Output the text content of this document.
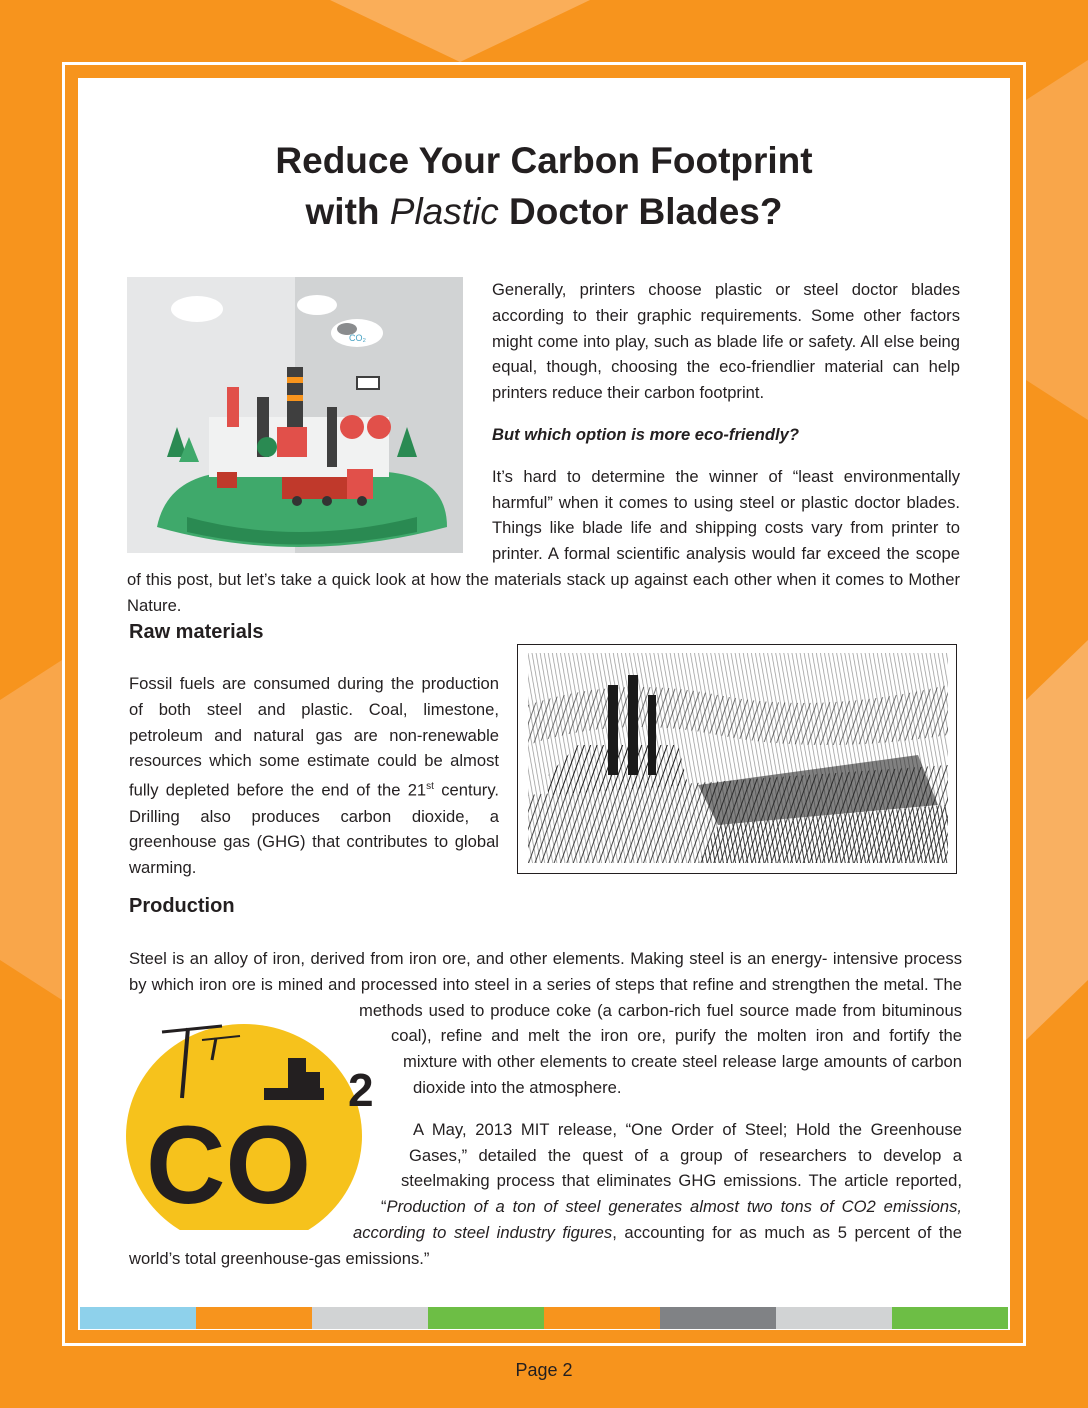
Reduce Your Carbon Footprint
with Plastic Doctor Blades?
CO₂

Generally, printers choose plastic or steel doctor blades according to their graphic requirements. Some other factors might come into play, such as blade life or safety. All else being equal, though, choosing the eco-friendlier material can help printers reduce their carbon footprint.

But which option is more eco-friendly?

It’s hard to determine the winner of “least environmentally harmful” when it comes to using steel or plastic doctor blades. Things like blade life and shipping costs vary from printer to printer. A formal scientific analysis would far exceed the scope of this post, but let’s take a quick look at how the materials stack up against each other when it comes to Mother Nature.

Raw materials

Fossil fuels are consumed during the production of both steel and plastic. Coal, limestone, petroleum and natural gas are non-renewable resources which some estimate could be almost fully depleted before the end of the 21st century. Drilling also produces carbon dioxide, a greenhouse gas (GHG) that contributes to global warming.

Production

Steel is an alloy of iron, derived from iron ore, and other elements. Making steel is an energy- intensive process by which iron ore is mined and processed into steel in a series of steps that refine and strengthen the metal. The methods used to produce coke (a carbon-rich fuel source made from bituminous coal), refine and melt the iron ore, purify the molten iron and fortify the mixture with other elements to create steel release large amounts of carbon dioxide into the atmosphere.

A May, 2013 MIT release, “One Order of Steel; Hold the Greenhouse Gases,” detailed the quest of a group of researchers to develop a steelmaking process that eliminates GHG emissions. The article reported, “Production of a ton of steel generates almost two tons of CO2 emissions, according to steel industry figures, accounting for as much as 5 percent of the world’s total greenhouse-gas emissions.”

CO
2
Page 2
